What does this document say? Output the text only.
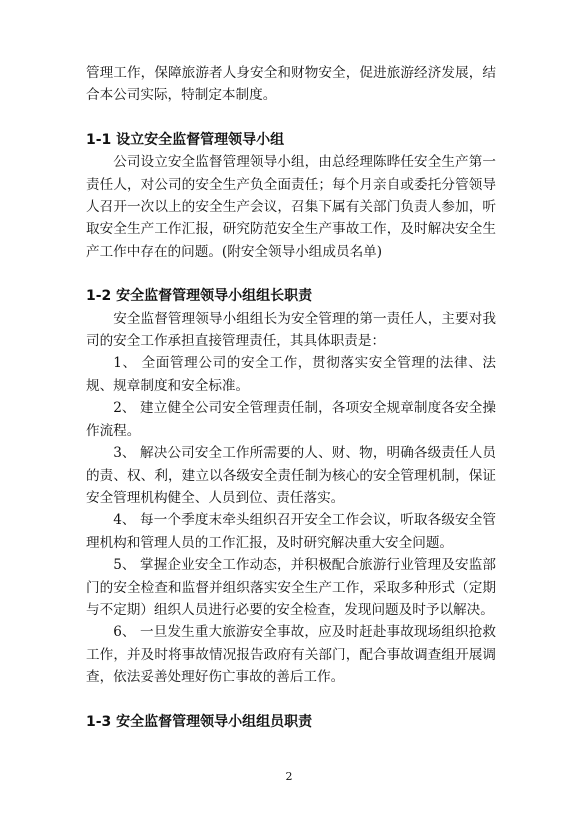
管理工作，保障旅游者人身安全和财物安全，促进旅游经济发展，结合本公司实际，特制定本制度。

1-1 设立安全监督管理领导小组

公司设立安全监督管理领导小组，由总经理陈晔任安全生产第一责任人，对公司的安全生产负全面责任；每个月亲自或委托分管领导人召开一次以上的安全生产会议，召集下属有关部门负责人参加，听取安全生产工作汇报，研究防范安全生产事故工作，及时解决安全生产工作中存在的问题。(附安全领导小组成员名单)

1-2 安全监督管理领导小组组长职责

安全监督管理领导小组组长为安全管理的第一责任人，主要对我司的安全工作承担直接管理责任，其具体职责是：

1、 全面管理公司的安全工作，贯彻落实安全管理的法律、法规、规章制度和安全标准。

2、 建立健全公司安全管理责任制，各项安全规章制度各安全操作流程。

3、 解决公司安全工作所需要的人、财、物，明确各级责任人员的责、权、利，建立以各级安全责任制为核心的安全管理机制，保证安全管理机构健全、人员到位、责任落实。

4、 每一个季度末牵头组织召开安全工作会议，听取各级安全管理机构和管理人员的工作汇报，及时研究解决重大安全问题。

5、 掌握企业安全工作动态，并积极配合旅游行业管理及安监部门的安全检查和监督并组织落实安全生产工作，采取多种形式（定期与不定期）组织人员进行必要的安全检查，发现问题及时予以解决。

6、 一旦发生重大旅游安全事故，应及时赶赴事故现场组织抢救工作，并及时将事故情况报告政府有关部门，配合事故调查组开展调查，依法妥善处理好伤亡事故的善后工作。

1-3 安全监督管理领导小组组员职责
2
